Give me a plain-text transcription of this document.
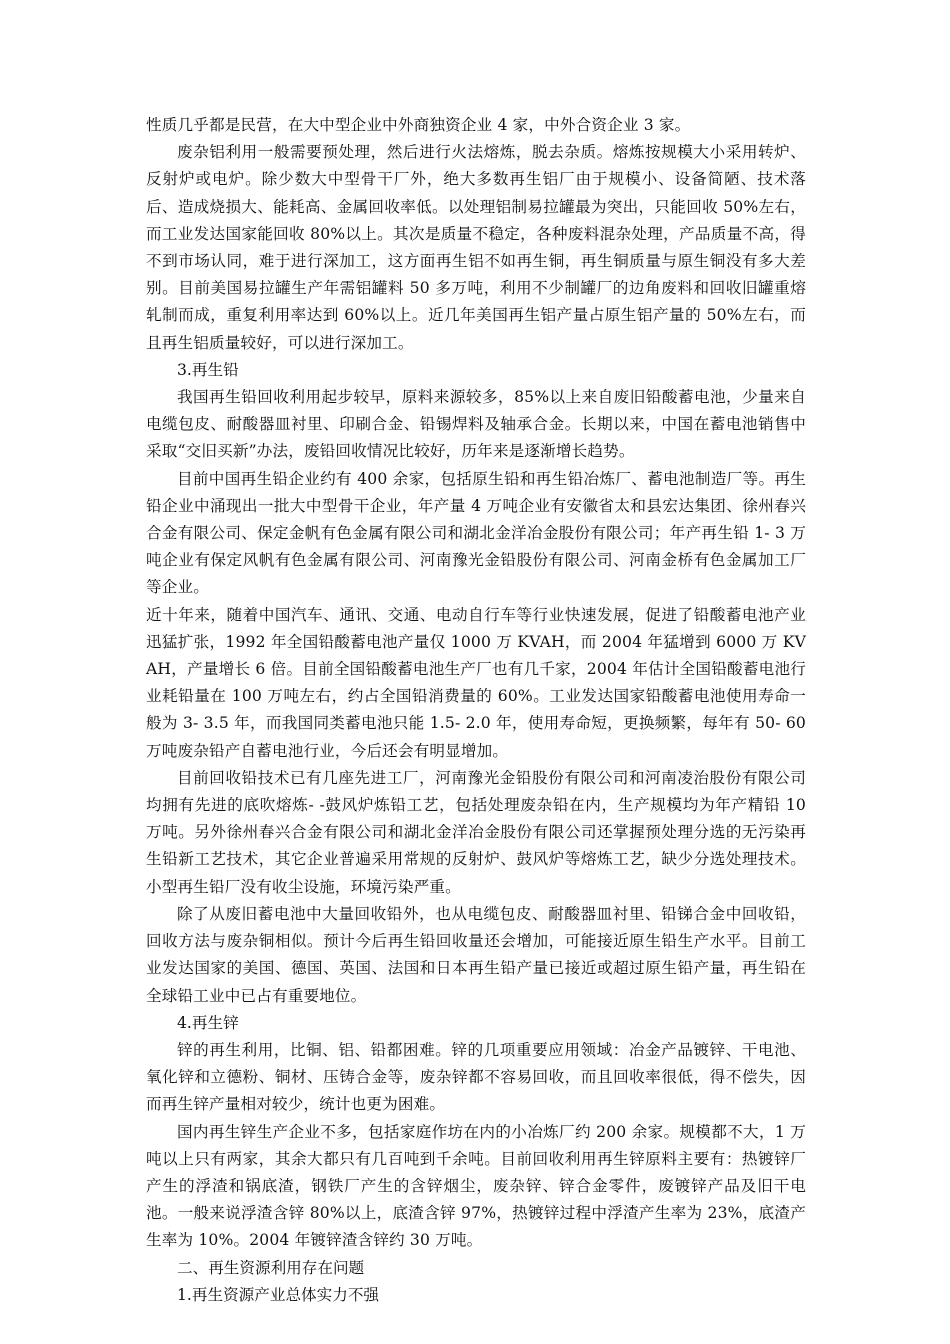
性质几乎都是民营，在大中型企业中外商独资企业 4 家，中外合资企业 3 家。

废杂铝利用一般需要预处理，然后进行火法熔炼，脱去杂质。熔炼按规模大小采用转炉、反射炉或电炉。除少数大中型骨干厂外，绝大多数再生铝厂由于规模小、设备简陋、技术落后、造成烧损大、能耗高、金属回收率低。以处理铝制易拉罐最为突出，只能回收 50%左右，而工业发达国家能回收 80%以上。其次是质量不稳定，各种废料混杂处理，产品质量不高，得不到市场认同，难于进行深加工，这方面再生铝不如再生铜，再生铜质量与原生铜没有多大差别。目前美国易拉罐生产年需铝罐料 50 多万吨，利用不少制罐厂的边角废料和回收旧罐重熔轧制而成，重复利用率达到 60%以上。近几年美国再生铝产量占原生铝产量的 50%左右，而且再生铝质量较好，可以进行深加工。

3.再生铅

我国再生铅回收利用起步较早，原料来源较多，85%以上来自废旧铅酸蓄电池，少量来自电缆包皮、耐酸器皿衬里、印刷合金、铅锡焊料及轴承合金。长期以来，中国在蓄电池销售中采取“交旧买新”办法，废铅回收情况比较好，历年来是逐渐增长趋势。

目前中国再生铅企业约有 400 余家，包括原生铅和再生铅冶炼厂、蓄电池制造厂等。再生铅企业中涌现出一批大中型骨干企业，年产量 4 万吨企业有安徽省太和县宏达集团、徐州春兴合金有限公司、保定金帆有色金属有限公司和湖北金洋冶金股份有限公司；年产再生铅 1- 3 万吨企业有保定风帆有色金属有限公司、河南豫光金铅股份有限公司、河南金桥有色金属加工厂等企业。

近十年来，随着中国汽车、通讯、交通、电动自行车等行业快速发展，促进了铅酸蓄电池产业迅猛扩张，1992 年全国铅酸蓄电池产量仅 1000 万 KVAH，而 2004 年猛增到 6000 万 KVAH，产量增长 6 倍。目前全国铅酸蓄电池生产厂也有几千家，2004 年估计全国铅酸蓄电池行业耗铅量在 100 万吨左右，约占全国铅消费量的 60%。工业发达国家铅酸蓄电池使用寿命一般为 3- 3.5 年，而我国同类蓄电池只能 1.5- 2.0 年，使用寿命短，更换频繁，每年有 50- 60 万吨废杂铅产自蓄电池行业，今后还会有明显增加。

目前回收铅技术已有几座先进工厂，河南豫光金铅股份有限公司和河南凌治股份有限公司均拥有先进的底吹熔炼- -鼓风炉炼铅工艺，包括处理废杂铅在内，生产规模均为年产精铅 10 万吨。另外徐州春兴合金有限公司和湖北金洋冶金股份有限公司还掌握预处理分选的无污染再生铅新工艺技术，其它企业普遍采用常规的反射炉、鼓风炉等熔炼工艺，缺少分选处理技术。小型再生铅厂没有收尘设施，环境污染严重。

除了从废旧蓄电池中大量回收铅外，也从电缆包皮、耐酸器皿衬里、铅锑合金中回收铅，回收方法与废杂铜相似。预计今后再生铅回收量还会增加，可能接近原生铅生产水平。目前工业发达国家的美国、德国、英国、法国和日本再生铅产量已接近或超过原生铅产量，再生铅在全球铅工业中已占有重要地位。

4.再生锌

锌的再生利用，比铜、铝、铅都困难。锌的几项重要应用领域：冶金产品镀锌、干电池、氧化锌和立德粉、铜材、压铸合金等，废杂锌都不容易回收，而且回收率很低，得不偿失，因而再生锌产量相对较少，统计也更为困难。

国内再生锌生产企业不多，包括家庭作坊在内的小冶炼厂约 200 余家。规模都不大，1 万吨以上只有两家，其余大都只有几百吨到千余吨。目前回收利用再生锌原料主要有：热镀锌厂产生的浮渣和锅底渣，钢铁厂产生的含锌烟尘，废杂锌、锌合金零件，废镀锌产品及旧干电池。一般来说浮渣含锌 80%以上，底渣含锌 97%，热镀锌过程中浮渣产生率为 23%，底渣产生率为 10%。2004 年镀锌渣含锌约 30 万吨。

二、再生资源利用存在问题

1.再生资源产业总体实力不强
